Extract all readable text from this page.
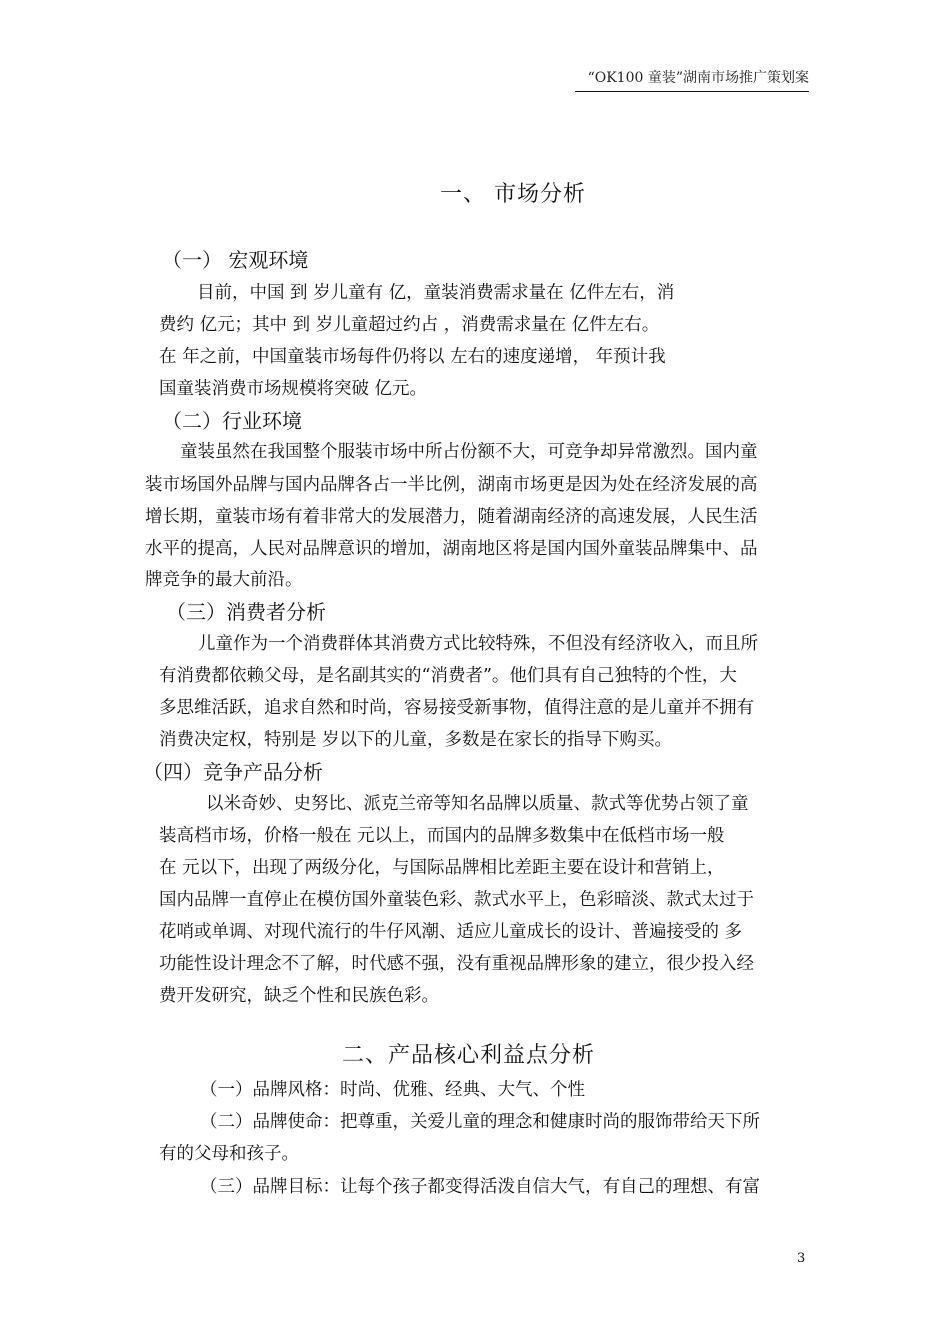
“OK100 童装”湖南市场推广策划案
一、 市场分析
（一） 宏观环境
目前，中国 到 岁儿童有 亿，童装消费需求量在 亿件左右，消
费约 亿元；其中 到 岁儿童超过约占 ，消费需求量在 亿件左右。
在 年之前，中国童装市场每件仍将以 左右的速度递增， 年预计我
国童装消费市场规模将突破 亿元。
（二）行业环境
童装虽然在我国整个服装市场中所占份额不大，可竞争却异常激烈。国内童
装市场国外品牌与国内品牌各占一半比例，湖南市场更是因为处在经济发展的高
增长期，童装市场有着非常大的发展潜力，随着湖南经济的高速发展，人民生活
水平的提高，人民对品牌意识的增加，湖南地区将是国内国外童装品牌集中、品
牌竞争的最大前沿。
（三）消费者分析
儿童作为一个消费群体其消费方式比较特殊，不但没有经济收入，而且所
有消费都依赖父母，是名副其实的“消费者”。他们具有自己独特的个性，大
多思维活跃，追求自然和时尚，容易接受新事物，值得注意的是儿童并不拥有
消费决定权，特别是 岁以下的儿童，多数是在家长的指导下购买。
（四）竞争产品分析
以米奇妙、史努比、派克兰帝等知名品牌以质量、款式等优势占领了童
装高档市场，价格一般在 元以上，而国内的品牌多数集中在低档市场一般
在 元以下，出现了两级分化，与国际品牌相比差距主要在设计和营销上，
国内品牌一直停止在模仿国外童装色彩、款式水平上，色彩暗淡、款式太过于
花哨或单调、对现代流行的牛仔风潮、适应儿童成长的设计、普遍接受的 多
功能性设计理念不了解，时代感不强，没有重视品牌形象的建立，很少投入经
费开发研究，缺乏个性和民族色彩。
二、产品核心利益点分析
（一）品牌风格：时尚、优雅、经典、大气、个性
（二）品牌使命：把尊重，关爱儿童的理念和健康时尚的服饰带给天下所
有的父母和孩子。
（三）品牌目标：让每个孩子都变得活泼自信大气，有自己的理想、有富
3
